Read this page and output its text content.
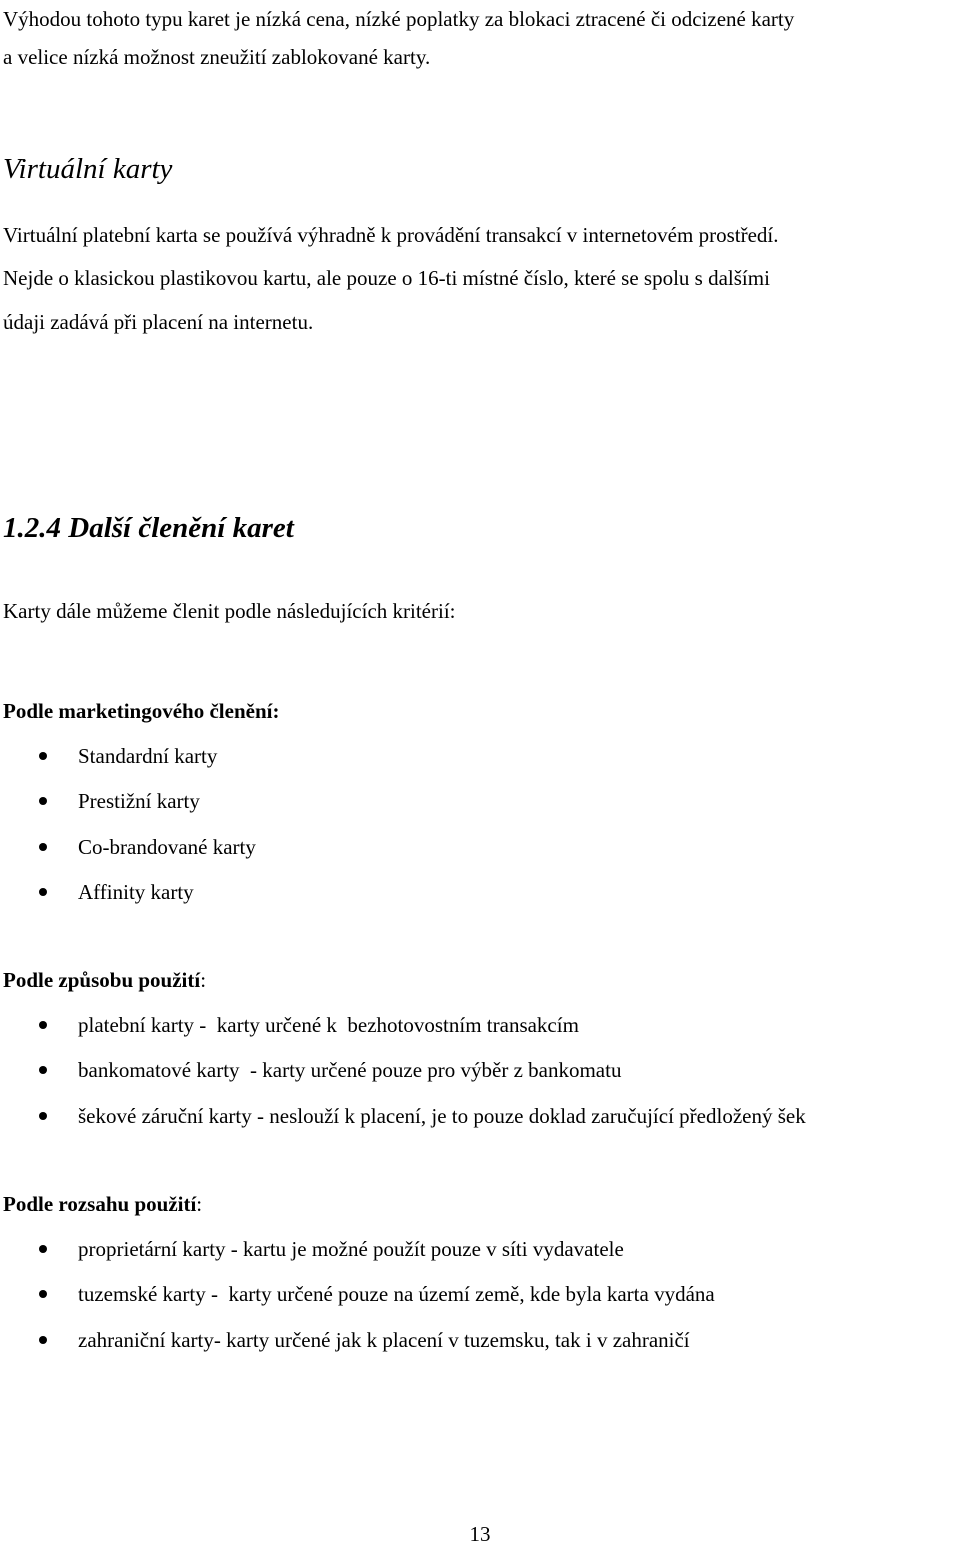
Výhodou tohoto typu karet je nízká cena, nízké poplatky za blokaci ztracené či odcizené karty
a velice nízká možnost zneužití zablokované karty.
Virtuální karty
Virtuální platební karta se používá výhradně k provádění transakcí v internetovém prostředí.
Nejde o klasickou plastikovou kartu, ale pouze o 16-ti místné číslo, které se spolu s dalšími
údaji zadává při placení na internetu.
1.2.4 Další členění karet
Karty dále můžeme členit podle následujících kritérií:
Podle marketingového členění:
Standardní karty
Prestižní karty
Co-brandované karty
Affinity karty
Podle způsobu použití:
platební karty -  karty určené k  bezhotovostním transakcím
bankomatové karty  - karty určené pouze pro výběr z bankomatu
šekové záruční karty - neslouží k placení, je to pouze doklad zaručující předložený šek
Podle rozsahu použití:
proprietární karty - kartu je možné použít pouze v síti vydavatele
tuzemské karty -  karty určené pouze na území země, kde byla karta vydána
zahraniční karty- karty určené jak k placení v tuzemsku, tak i v zahraničí
13
